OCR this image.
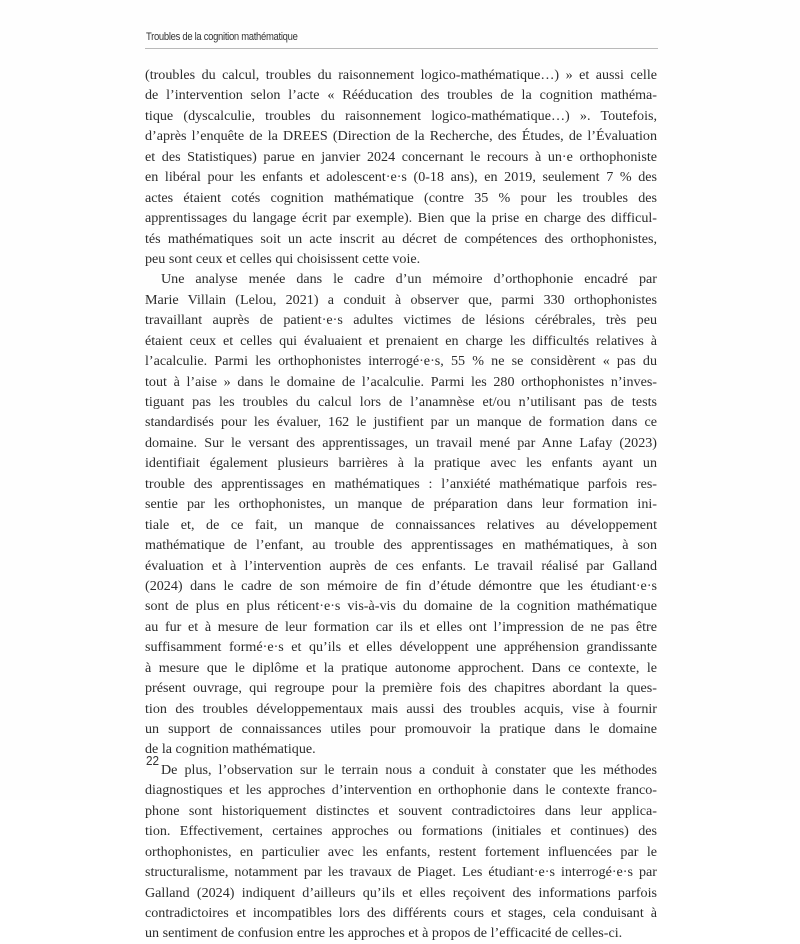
Troubles de la cognition mathématique
(troubles du calcul, troubles du raisonnement logico-mathématique…) » et aussi celle
de l’intervention selon l’acte « Rééducation des troubles de la cognition mathéma-
tique (dyscalculie, troubles du raisonnement logico-mathématique…) ». Toutefois,
d’après l’enquête de la DREES (Direction de la Recherche, des Études, de l’Évaluation
et des Statistiques) parue en janvier 2024 concernant le recours à un·e orthophoniste
en libéral pour les enfants et adolescent·e·s (0-18 ans), en 2019, seulement 7 % des
actes étaient cotés cognition mathématique (contre 35 % pour les troubles des
apprentissages du langage écrit par exemple). Bien que la prise en charge des difficul-
tés mathématiques soit un acte inscrit au décret de compétences des orthophonistes,
peu sont ceux et celles qui choisissent cette voie.
Une analyse menée dans le cadre d’un mémoire d’orthophonie encadré par
Marie Villain (Lelou, 2021) a conduit à observer que, parmi 330 orthophonistes
travaillant auprès de patient·e·s adultes victimes de lésions cérébrales, très peu
étaient ceux et celles qui évaluaient et prenaient en charge les difficultés relatives à
l’acalculie. Parmi les orthophonistes interrogé·e·s, 55 % ne se considèrent « pas du
tout à l’aise » dans le domaine de l’acalculie. Parmi les 280 orthophonistes n’inves-
tiguant pas les troubles du calcul lors de l’anamnèse et/ou n’utilisant pas de tests
standardisés pour les évaluer, 162 le justifient par un manque de formation dans ce
domaine. Sur le versant des apprentissages, un travail mené par Anne Lafay (2023)
identifiait également plusieurs barrières à la pratique avec les enfants ayant un
trouble des apprentissages en mathématiques : l’anxiété mathématique parfois res-
sentie par les orthophonistes, un manque de préparation dans leur formation ini-
tiale et, de ce fait, un manque de connaissances relatives au développement
mathématique de l’enfant, au trouble des apprentissages en mathématiques, à son
évaluation et à l’intervention auprès de ces enfants. Le travail réalisé par Galland
(2024) dans le cadre de son mémoire de fin d’étude démontre que les étudiant·e·s
sont de plus en plus réticent·e·s vis-à-vis du domaine de la cognition mathématique
au fur et à mesure de leur formation car ils et elles ont l’impression de ne pas être
suffisamment formé·e·s et qu’ils et elles développent une appréhension grandissante
à mesure que le diplôme et la pratique autonome approchent. Dans ce contexte, le
présent ouvrage, qui regroupe pour la première fois des chapitres abordant la ques-
tion des troubles développementaux mais aussi des troubles acquis, vise à fournir
un support de connaissances utiles pour promouvoir la pratique dans le domaine
de la cognition mathématique.
De plus, l’observation sur le terrain nous a conduit à constater que les méthodes
diagnostiques et les approches d’intervention en orthophonie dans le contexte franco-
phone sont historiquement distinctes et souvent contradictoires dans leur applica-
tion. Effectivement, certaines approches ou formations (initiales et continues) des
orthophonistes, en particulier avec les enfants, restent fortement influencées par le
structuralisme, notamment par les travaux de Piaget. Les étudiant·e·s interrogé·e·s par
Galland (2024) indiquent d’ailleurs qu’ils et elles reçoivent des informations parfois
contradictoires et incompatibles lors des différents cours et stages, cela conduisant à
un sentiment de confusion entre les approches et à propos de l’efficacité de celles-ci.
22
